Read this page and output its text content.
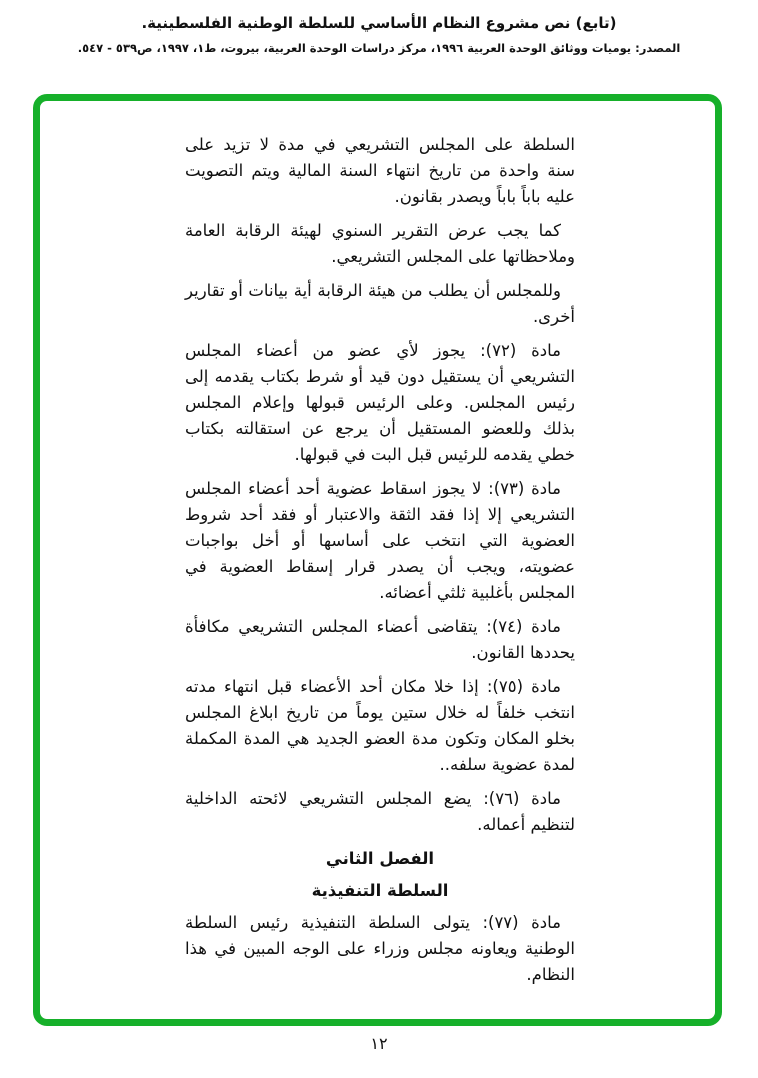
(تابع) نص مشروع النظام الأساسي للسلطة الوطنية الفلسطينية.
المصدر: يوميات ووثائق الوحدة العربية ١٩٩٦، مركز دراسات الوحدة العربية، بيروت، ط١، ١٩٩٧، ص٥٣٩ - ٥٤٧.
السلطة على المجلس التشريعي في مدة لا تزيد على سنة واحدة من تاريخ انتهاء السنة المالية ويتم التصويت عليه باباً باباً ويصدر بقانون.
كما يجب عرض التقرير السنوي لهيئة الرقابة العامة وملاحظاتها على المجلس التشريعي.
وللمجلس أن يطلب من هيئة الرقابة أية بيانات أو تقارير أخرى.
مادة (٧٢): يجوز لأي عضو من أعضاء المجلس التشريعي أن يستقيل دون قيد أو شرط بكتاب يقدمه إلى رئيس المجلس. وعلى الرئيس قبولها وإعلام المجلس بذلك وللعضو المستقيل أن يرجع عن استقالته بكتاب خطي يقدمه للرئيس قبل البت في قبولها.
مادة (٧٣): لا يجوز اسقاط عضوية أحد أعضاء المجلس التشريعي إلا إذا فقد الثقة والاعتبار أو فقد أحد شروط العضوية التي انتخب على أساسها أو أخل بواجبات عضويته، ويجب أن يصدر قرار إسقاط العضوية في المجلس بأغلبية ثلثي أعضائه.
مادة (٧٤): يتقاضى أعضاء المجلس التشريعي مكافأة يحددها القانون.
مادة (٧٥): إذا خلا مكان أحد الأعضاء قبل انتهاء مدته انتخب خلفاً له خلال ستين يوماً من تاريخ ابلاغ المجلس بخلو المكان وتكون مدة العضو الجديد هي المدة المكملة لمدة عضوية سلفه..
مادة (٧٦): يضع المجلس التشريعي لائحته الداخلية لتنظيم أعماله.
الفصل الثاني
السلطة التنفيذية
مادة (٧٧): يتولى السلطة التنفيذية رئيس السلطة الوطنية ويعاونه مجلس وزراء على الوجه المبين في هذا النظام.
١٢
